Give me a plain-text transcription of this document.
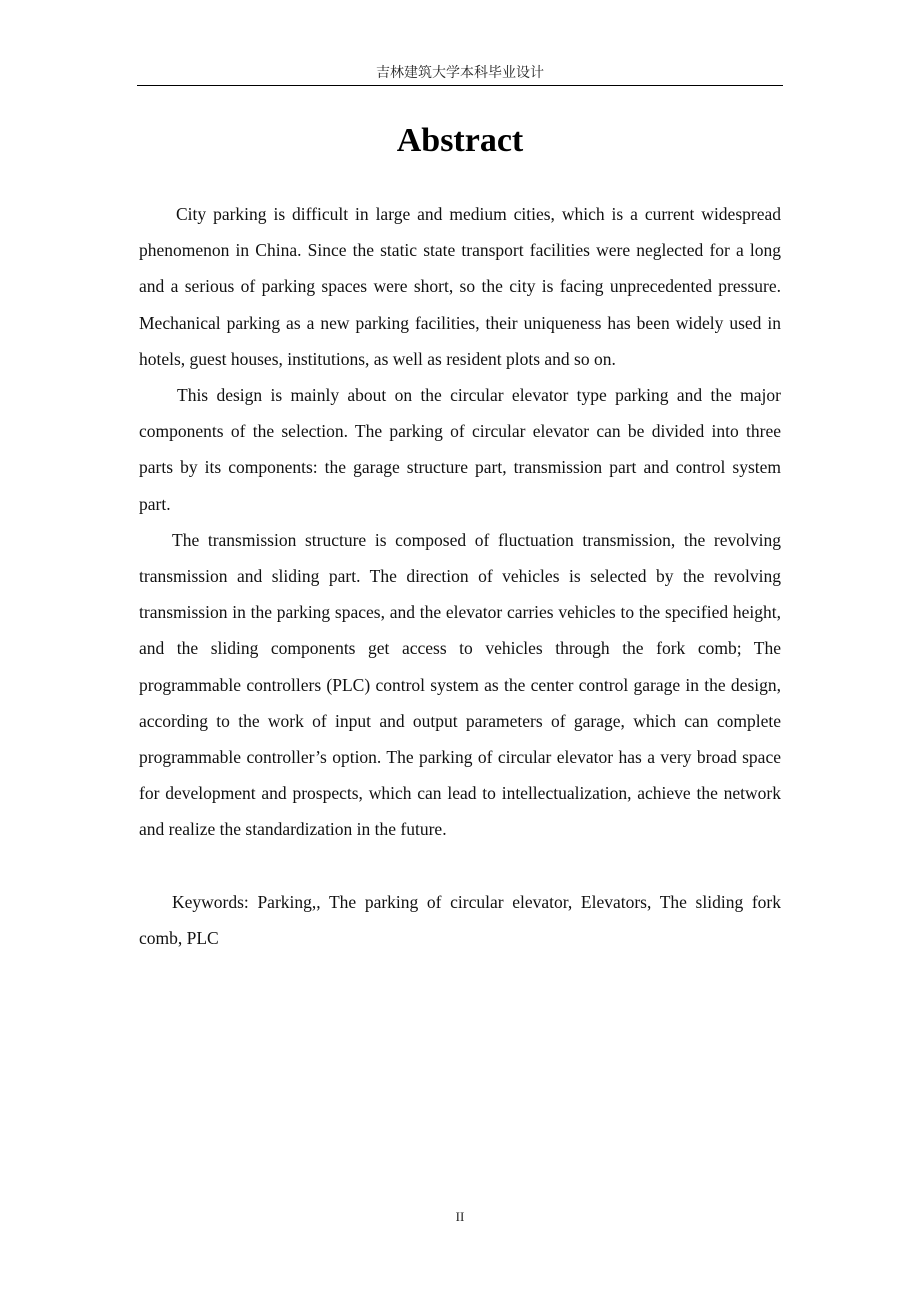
吉林建筑大学本科毕业设计
Abstract

City parking is difficult in large and medium cities, which is a current widespread phenomenon in China. Since the static state transport facilities were neglected for a long and a serious of parking spaces were short, so the city is facing unprecedented pressure. Mechanical parking as a new parking facilities, their uniqueness has been widely used in hotels, guest houses, institutions, as well as resident plots and so on.

This design is mainly about on the circular elevator type parking and the major components of the selection. The parking of circular elevator can be divided into three parts by its components: the garage structure part, transmission part and control system part.

The transmission structure is composed of fluctuation transmission, the revolving transmission and sliding part. The direction of vehicles is selected by the revolving transmission in the parking spaces, and the elevator carries vehicles to the specified height, and the sliding components get access to vehicles through the fork comb; The programmable controllers (PLC) control system as the center control garage in the design, according to the work of input and output parameters of garage, which can complete programmable controller’s option. The parking of circular elevator has a very broad space for development and prospects, which can lead to intellectualization, achieve the network and realize the standardization in the future.

Keywords: Parking,, The parking of circular elevator, Elevators, The sliding fork comb, PLC

II
